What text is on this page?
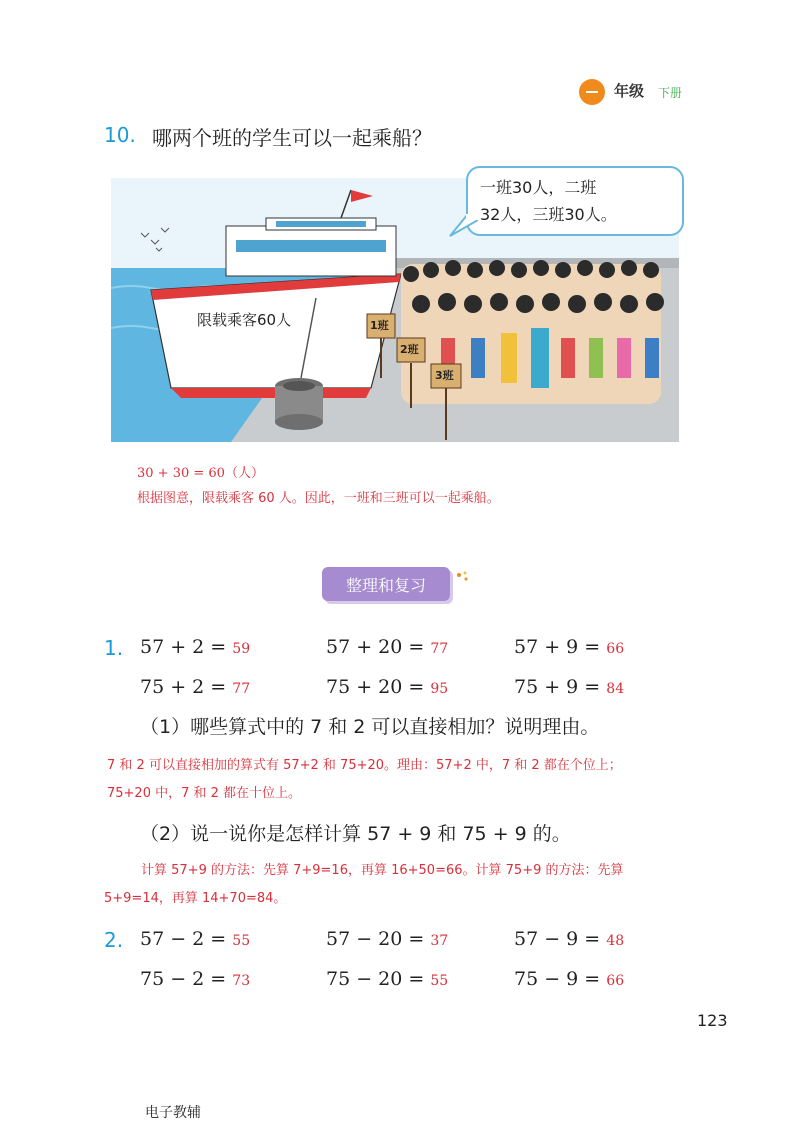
年级 下册
10. 哪两个班的学生可以一起乘船？
限载乘客60人	1班
2班
3班
一班30人，二班
32人，三班30人。
30 + 30 = 60（人）
根据图意，限载乘客 60 人。因此，一班和三班可以一起乘船。
整理和复习
1. 57 + 2 = 59	57 + 20 = 77	57 + 9 = 66
75 + 2 = 77	75 + 20 = 95	75 + 9 = 84
（1）哪些算式中的 7 和 2 可以直接相加？说明理由。
7 和 2 可以直接相加的算式有 57+2 和 75+20。理由：57+2 中，7 和 2 都在个位上；
75+20 中，7 和 2 都在十位上。
（2）说一说你是怎样计算 57 + 9 和 75 + 9 的。
计算 57+9 的方法：先算 7+9=16，再算 16+50=66。计算 75+9 的方法：先算
5+9=14，再算 14+70=84。
2. 57 − 2 = 55	57 − 20 = 37	57 − 9 = 48
75 − 2 = 73	75 − 20 = 55	75 − 9 = 66
123
电子教辅
